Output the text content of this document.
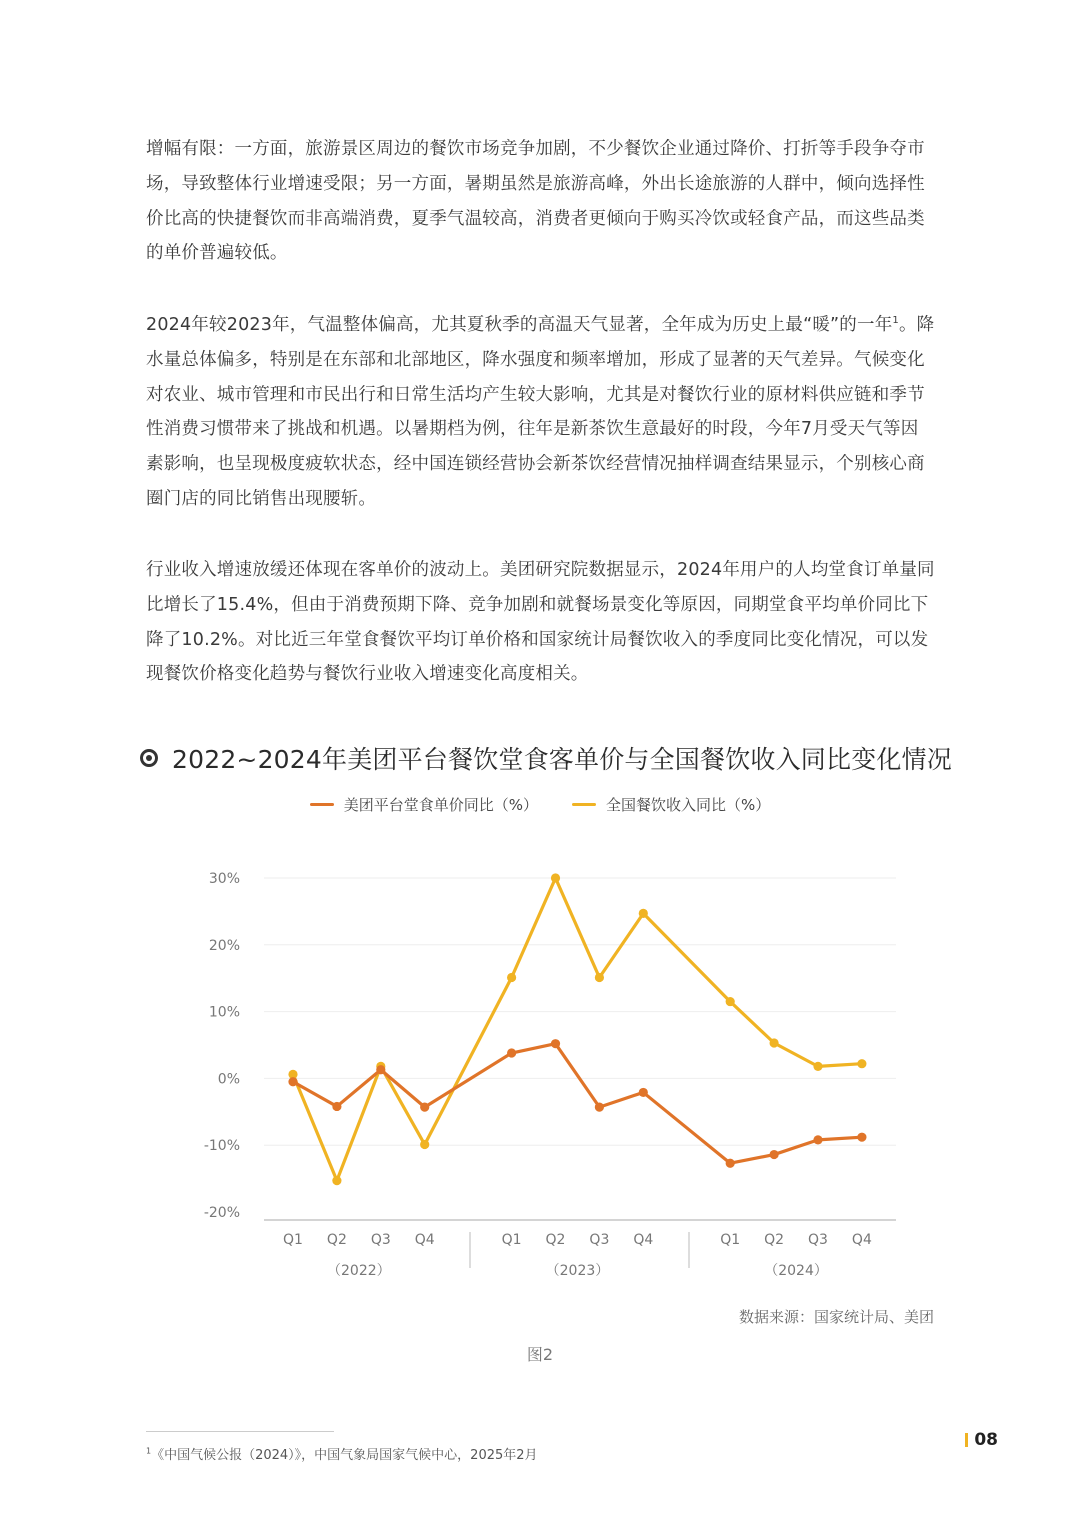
增幅有限：一方面，旅游景区周边的餐饮市场竞争加剧，不少餐饮企业通过降价、打折等手段争夺市场，导致整体行业增速受限；另一方面，暑期虽然是旅游高峰，外出长途旅游的人群中，倾向选择性价比高的快捷餐饮而非高端消费，夏季气温较高，消费者更倾向于购买冷饮或轻食产品，而这些品类的单价普遍较低。

2024年较2023年，气温整体偏高，尤其夏秋季的高温天气显著，全年成为历史上最“暖”的一年$^1$。降水量总体偏多，特别是在东部和北部地区，降水强度和频率增加，形成了显著的天气差异。气候变化对农业、城市管理和市民出行和日常生活均产生较大影响，尤其是对餐饮行业的原材料供应链和季节性消费习惯带来了挑战和机遇。以暑期档为例，往年是新茶饮生意最好的时段，今年7月受天气等因素影响，也呈现极度疲软状态，经中国连锁经营协会新茶饮经营情况抽样调查结果显示，个别核心商圈门店的同比销售出现腰斩。

行业收入增速放缓还体现在客单价的波动上。美团研究院数据显示，2024年用户的人均堂食订单量同比增长了15.4%，但由于消费预期下降、竞争加剧和就餐场景变化等原因，同期堂食平均单价同比下降了10.2%。对比近三年堂食餐饮平均订单价格和国家统计局餐饮收入的季度同比变化情况，可以发现餐饮价格变化趋势与餐饮行业收入增速变化高度相关。

2022~2024年美团平台餐饮堂食客单价与全国餐饮收入同比变化情况
美团平台堂食单价同比（%）	全国餐饮收入同比（%）
30%
20%
10%
0%
-10%
-20%
Q1 Q2 Q3 Q4	Q1 Q2 Q3 Q4	Q1 Q2 Q3 Q4
（2022）	（2023）	（2024）
数据来源：国家统计局、美团
图2
$^1$《中国气候公报（2024）》，中国气象局国家气候中心，2025年2月
08
